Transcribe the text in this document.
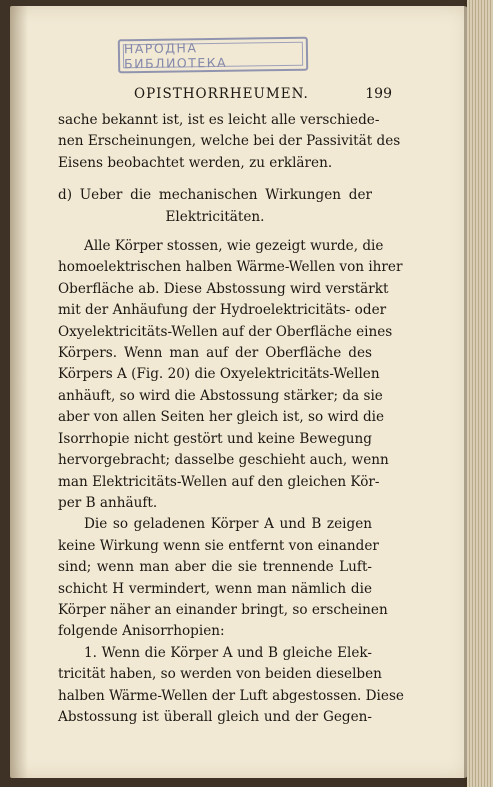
НАРОДНА БИБЛИОТЕКА
OPISTHORRHEUMEN.	199
sache bekannt ist, ist es leicht alle verschiede-
nen Erscheinungen, welche bei der Passivität des
Eisens beobachtet werden, zu erklären.
d) Ueber die mechanischen Wirkungen der
Elektricitäten.
Alle Körper stossen, wie gezeigt wurde, die
homoelektrischen halben Wärme-Wellen von ihrer
Oberfläche ab. Diese Abstossung wird verstärkt
mit der Anhäufung der Hydroelektricitäts- oder
Oxyelektricitäts-Wellen auf der Oberfläche eines
Körpers. Wenn man auf der Oberfläche des
Körpers A (Fig. 20) die Oxyelektricitäts-Wellen
anhäuft, so wird die Abstossung stärker; da sie
aber von allen Seiten her gleich ist, so wird die
Isorrhopie nicht gestört und keine Bewegung
hervorgebracht; dasselbe geschieht auch, wenn
man Elektricitäts-Wellen auf den gleichen Kör-
per B anhäuft.
Die so geladenen Körper A und B zeigen
keine Wirkung wenn sie entfernt von einander
sind; wenn man aber die sie trennende Luft-
schicht H vermindert, wenn man nämlich die
Körper näher an einander bringt, so erscheinen
folgende Anisorrhopien:
1. Wenn die Körper A und B gleiche Elek-
tricität haben, so werden von beiden dieselben
halben Wärme-Wellen der Luft abgestossen. Diese
Abstossung ist überall gleich und der Gegen-
